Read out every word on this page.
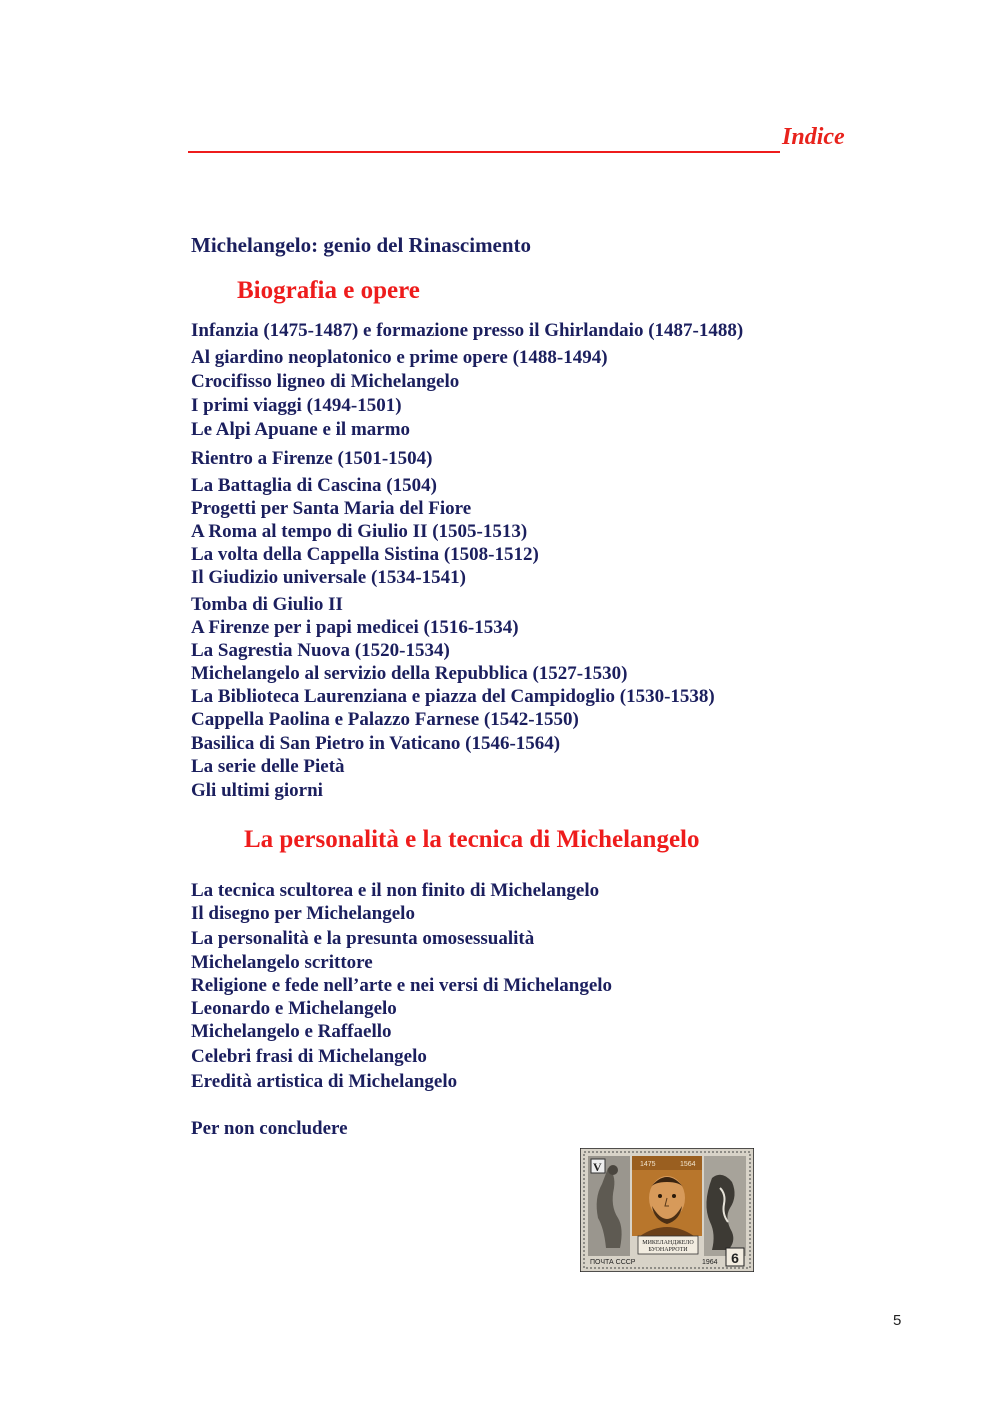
Indice
Michelangelo: genio del Rinascimento
Biografia e opere
Infanzia (1475-1487) e formazione presso il Ghirlandaio (1487-1488)
Al giardino neoplatonico e prime opere (1488-1494)
Crocifisso ligneo di Michelangelo
I primi viaggi (1494-1501)
Le Alpi Apuane e il marmo
Rientro a Firenze (1501-1504)
La Battaglia di Cascina (1504)
Progetti per Santa Maria del Fiore
A Roma al tempo di Giulio II (1505-1513)
La volta della Cappella Sistina (1508-1512)
Il Giudizio universale (1534-1541)
Tomba di Giulio II
A Firenze per i papi medicei (1516-1534)
La Sagrestia Nuova (1520-1534)
Michelangelo al servizio della Repubblica (1527-1530)
La Biblioteca Laurenziana e piazza del Campidoglio (1530-1538)
Cappella Paolina e Palazzo Farnese (1542-1550)
Basilica di San Pietro in Vaticano (1546-1564)
La serie delle Pietà
Gli ultimi giorni
La personalità e la tecnica di Michelangelo
La tecnica scultorea e il non finito di Michelangelo
Il disegno per Michelangelo
La personalità e la presunta omosessualità
Michelangelo scrittore
Religione e fede nell’arte e nei versi di Michelangelo
Leonardo e Michelangelo
Michelangelo e Raffaello
Celebri frasi di Michelangelo
Eredità artistica di Michelangelo
Per non concludere
V	1475	1564
МИКЕЛАНДЖЕЛО
БУОНАРРОТИ
ПОЧТА СССР	1964 6
5
